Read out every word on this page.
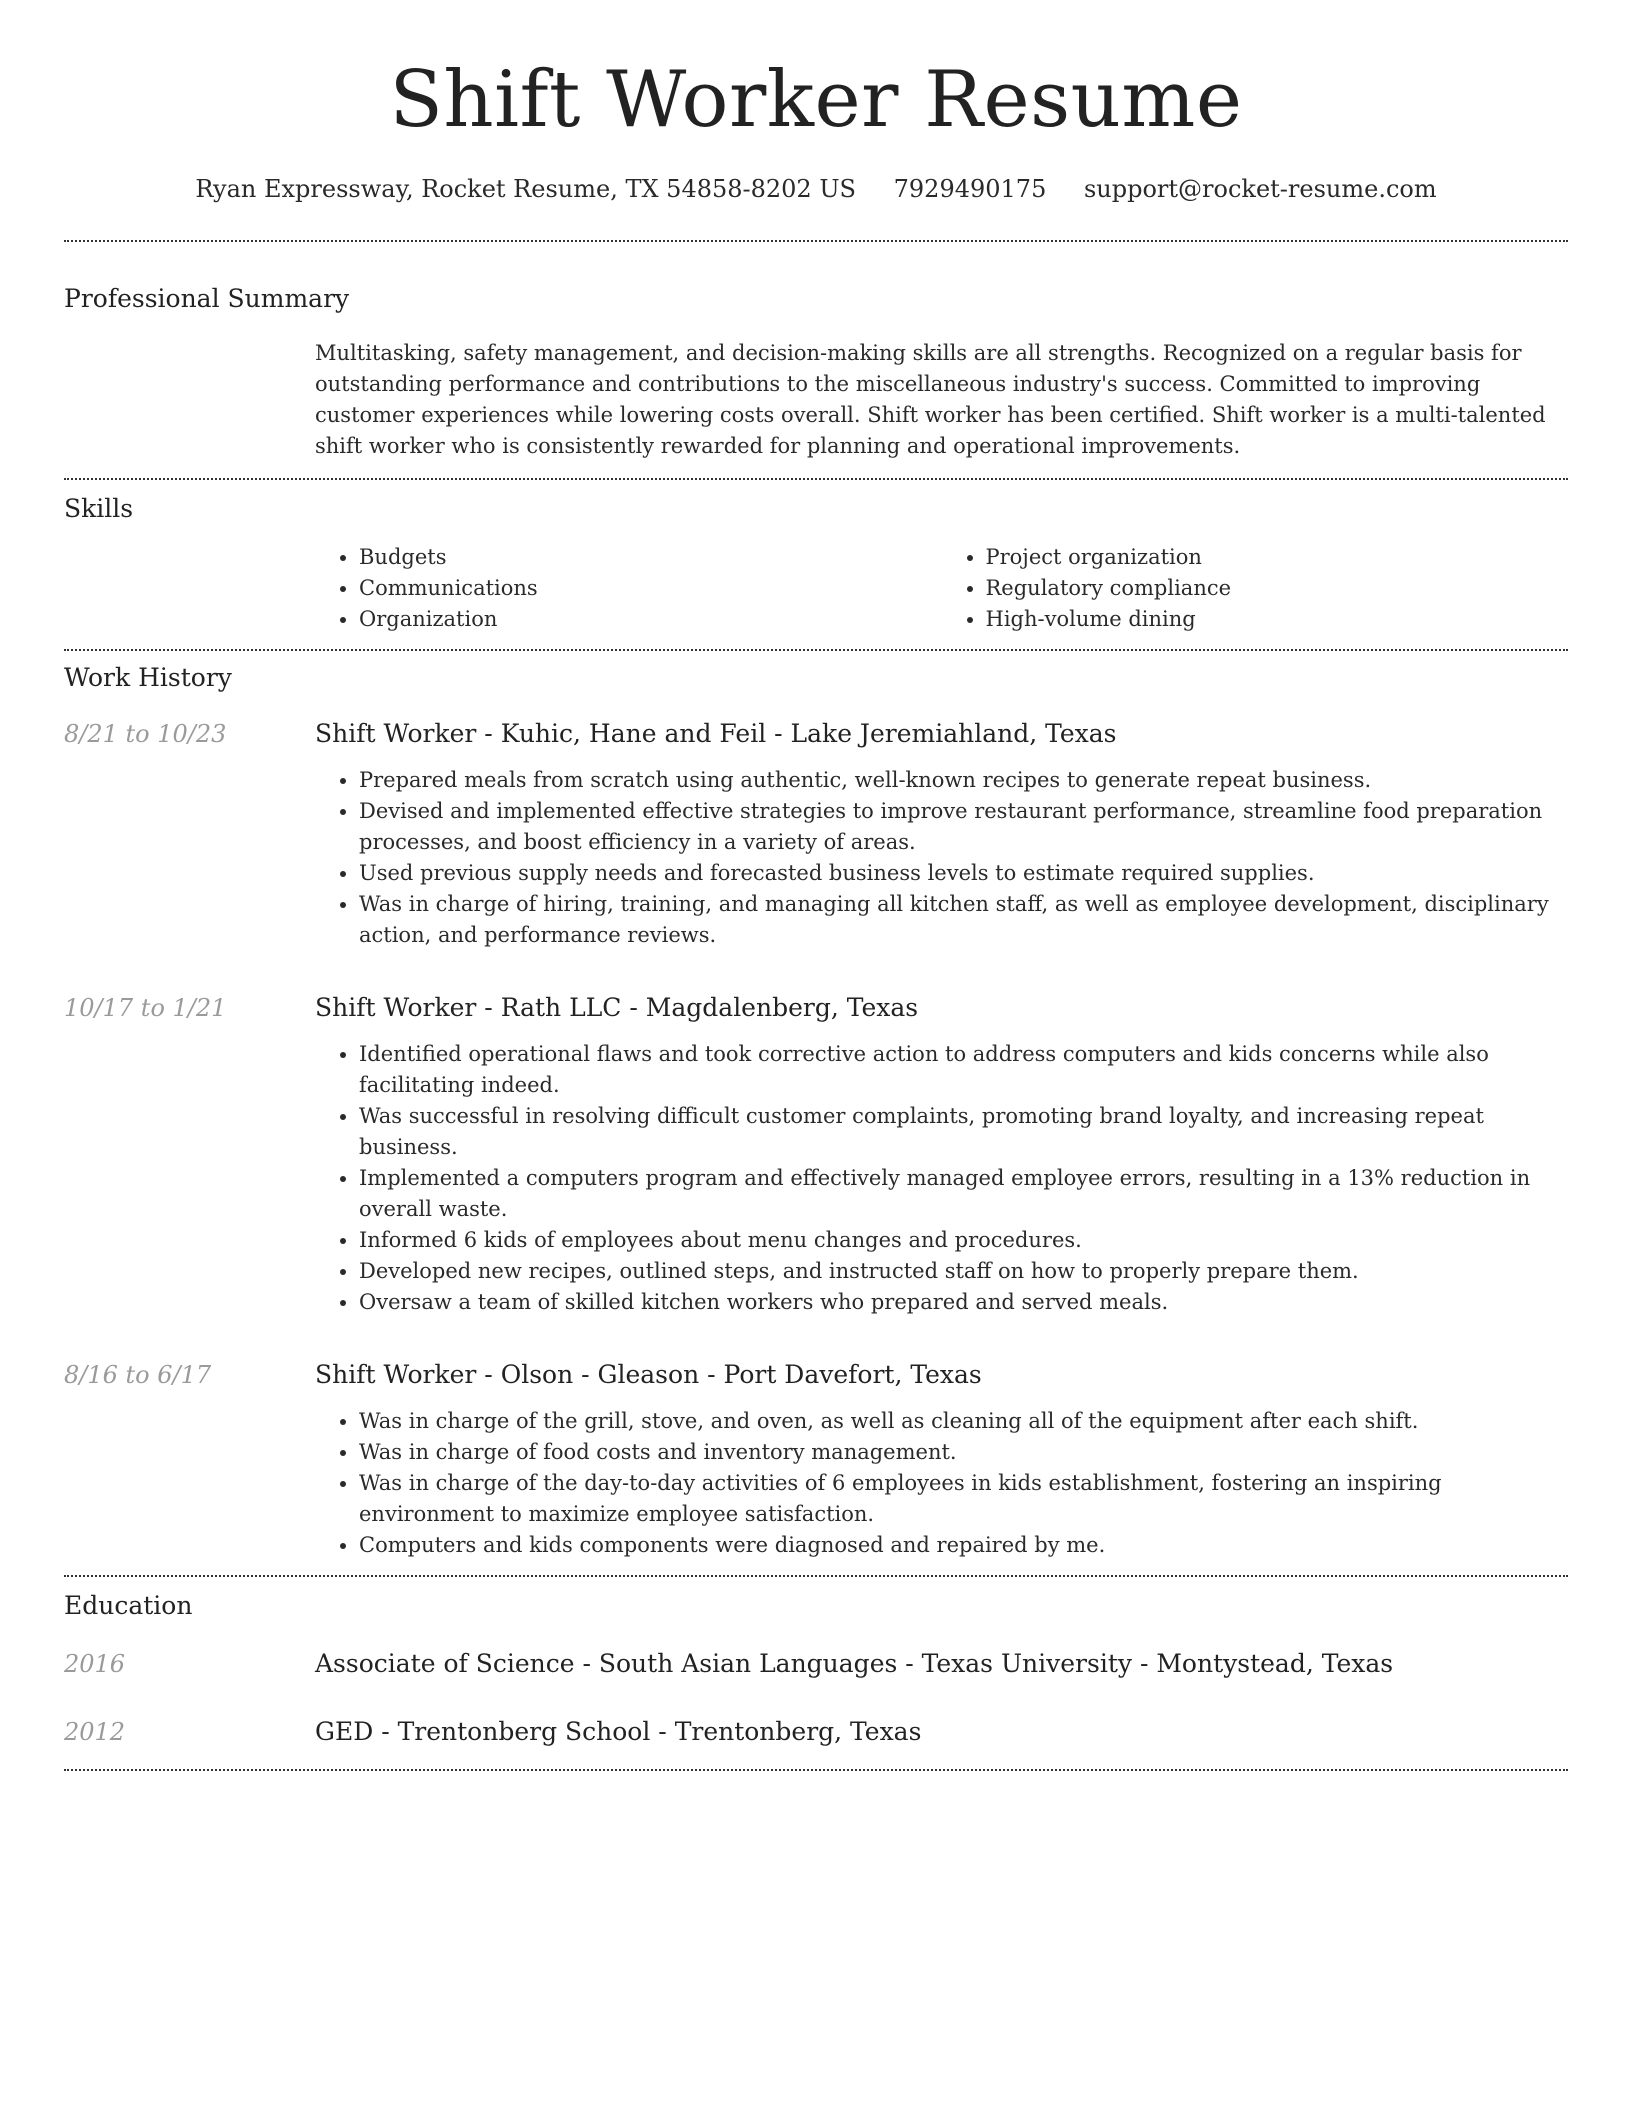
Shift Worker Resume
Ryan Expressway, Rocket Resume, TX 54858-8202 US 7929490175 support@rocket-resume.com
Professional Summary
Multitasking, safety management, and decision-making skills are all strengths. Recognized on a regular basis for outstanding performance and contributions to the miscellaneous industry's success. Committed to improving customer experiences while lowering costs overall. Shift worker has been certified. Shift worker is a multi-talented shift worker who is consistently rewarded for planning and operational improvements.
Skills
• Budgets
• Communications
• Organization
• Project organization
• Regulatory compliance
• High-volume dining
Work History
8/21 to 10/23	Shift Worker - Kuhic, Hane and Feil - Lake Jeremiahland, Texas
• Prepared meals from scratch using authentic, well-known recipes to generate repeat business.
• Devised and implemented effective strategies to improve restaurant performance, streamline food preparation processes, and boost efficiency in a variety of areas.
• Used previous supply needs and forecasted business levels to estimate required supplies.
• Was in charge of hiring, training, and managing all kitchen staff, as well as employee development, disciplinary action, and performance reviews.
10/17 to 1/21	Shift Worker - Rath LLC - Magdalenberg, Texas
• Identified operational flaws and took corrective action to address computers and kids concerns while also facilitating indeed.
• Was successful in resolving difficult customer complaints, promoting brand loyalty, and increasing repeat business.
• Implemented a computers program and effectively managed employee errors, resulting in a 13% reduction in overall waste.
• Informed 6 kids of employees about menu changes and procedures.
• Developed new recipes, outlined steps, and instructed staff on how to properly prepare them.
• Oversaw a team of skilled kitchen workers who prepared and served meals.
8/16 to 6/17	Shift Worker - Olson - Gleason - Port Davefort, Texas
• Was in charge of the grill, stove, and oven, as well as cleaning all of the equipment after each shift.
• Was in charge of food costs and inventory management.
• Was in charge of the day-to-day activities of 6 employees in kids establishment, fostering an inspiring environment to maximize employee satisfaction.
• Computers and kids components were diagnosed and repaired by me.
Education
2016	Associate of Science - South Asian Languages - Texas University - Montystead, Texas
2012	GED - Trentonberg School - Trentonberg, Texas
